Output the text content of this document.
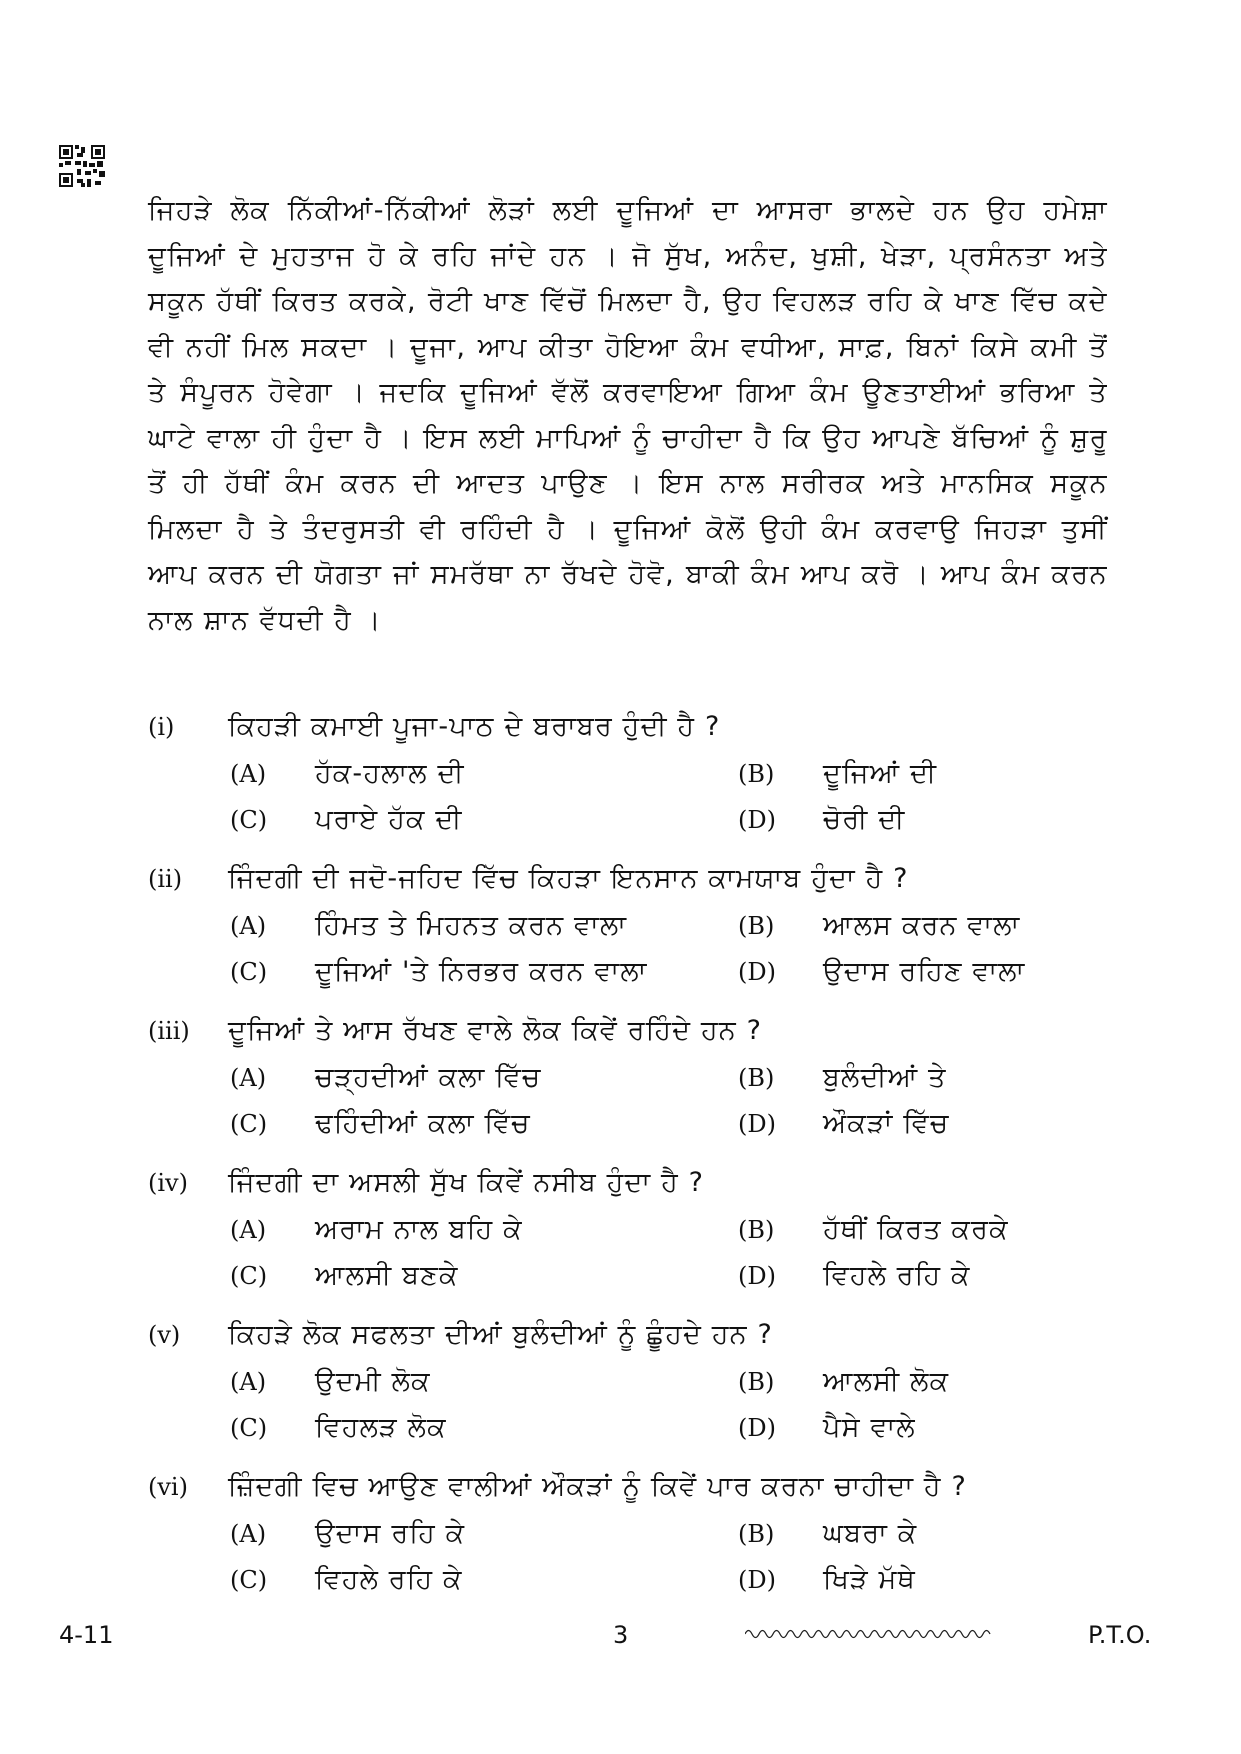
ਜਿਹੜੇ ਲੋਕ ਨਿੱਕੀਆਂ-ਨਿੱਕੀਆਂ ਲੋੜਾਂ ਲਈ ਦੂਜਿਆਂ ਦਾ ਆਸਰਾ ਭਾਲਦੇ ਹਨ ਉਹ ਹਮੇਸ਼ਾ ਦੂਜਿਆਂ ਦੇ ਮੁਹਤਾਜ ਹੋ ਕੇ ਰਹਿ ਜਾਂਦੇ ਹਨ । ਜੋ ਸੁੱਖ, ਅਨੰਦ, ਖੁਸ਼ੀ, ਖੇੜਾ, ਪ੍ਰਸੰਨਤਾ ਅਤੇ ਸਕੂਨ ਹੱਥੀਂ ਕਿਰਤ ਕਰਕੇ, ਰੋਟੀ ਖਾਣ ਵਿੱਚੋਂ ਮਿਲਦਾ ਹੈ, ਉਹ ਵਿਹਲੜ ਰਹਿ ਕੇ ਖਾਣ ਵਿੱਚ ਕਦੇ ਵੀ ਨਹੀਂ ਮਿਲ ਸਕਦਾ । ਦੂਜਾ, ਆਪ ਕੀਤਾ ਹੋਇਆ ਕੰਮ ਵਧੀਆ, ਸਾਫ਼, ਬਿਨਾਂ ਕਿਸੇ ਕਮੀ ਤੋਂ ਤੇ ਸੰਪੂਰਨ ਹੋਵੇਗਾ । ਜਦਕਿ ਦੂਜਿਆਂ ਵੱਲੋਂ ਕਰਵਾਇਆ ਗਿਆ ਕੰਮ ਊਣਤਾਈਆਂ ਭਰਿਆ ਤੇ ਘਾਟੇ ਵਾਲਾ ਹੀ ਹੁੰਦਾ ਹੈ । ਇਸ ਲਈ ਮਾਪਿਆਂ ਨੂੰ ਚਾਹੀਦਾ ਹੈ ਕਿ ਉਹ ਆਪਣੇ ਬੱਚਿਆਂ ਨੂੰ ਸ਼ੁਰੂ ਤੋਂ ਹੀ ਹੱਥੀਂ ਕੰਮ ਕਰਨ ਦੀ ਆਦਤ ਪਾਉਣ । ਇਸ ਨਾਲ ਸਰੀਰਕ ਅਤੇ ਮਾਨਸਿਕ ਸਕੂਨ ਮਿਲਦਾ ਹੈ ਤੇ ਤੰਦਰੁਸਤੀ ਵੀ ਰਹਿੰਦੀ ਹੈ । ਦੂਜਿਆਂ ਕੋਲੋਂ ਉਹੀ ਕੰਮ ਕਰਵਾਉ ਜਿਹੜਾ ਤੁਸੀਂ ਆਪ ਕਰਨ ਦੀ ਯੋਗਤਾ ਜਾਂ ਸਮਰੱਥਾ ਨਾ ਰੱਖਦੇ ਹੋਵੋ, ਬਾਕੀ ਕੰਮ ਆਪ ਕਰੋ । ਆਪ ਕੰਮ ਕਰਨ ਨਾਲ ਸ਼ਾਨ ਵੱਧਦੀ ਹੈ ।
(i) ਕਿਹੜੀ ਕਮਾਈ ਪੂਜਾ-ਪਾਠ ਦੇ ਬਰਾਬਰ ਹੁੰਦੀ ਹੈ ?
(A) ਹੱਕ-ਹਲਾਲ ਦੀ	(B) ਦੂਜਿਆਂ ਦੀ
(C) ਪਰਾਏ ਹੱਕ ਦੀ	(D) ਚੋਰੀ ਦੀ
(ii) ਜਿੰਦਗੀ ਦੀ ਜਦੋ-ਜਹਿਦ ਵਿੱਚ ਕਿਹੜਾ ਇਨਸਾਨ ਕਾਮਯਾਬ ਹੁੰਦਾ ਹੈ ?
(A) ਹਿੰਮਤ ਤੇ ਮਿਹਨਤ ਕਰਨ ਵਾਲਾ	(B) ਆਲਸ ਕਰਨ ਵਾਲਾ
(C) ਦੂਜਿਆਂ 'ਤੇ ਨਿਰਭਰ ਕਰਨ ਵਾਲਾ	(D) ਉਦਾਸ ਰਹਿਣ ਵਾਲਾ
(iii) ਦੂਜਿਆਂ ਤੇ ਆਸ ਰੱਖਣ ਵਾਲੇ ਲੋਕ ਕਿਵੇਂ ਰਹਿੰਦੇ ਹਨ ?
(A) ਚੜ੍ਹਦੀਆਂ ਕਲਾ ਵਿੱਚ	(B) ਬੁਲੰਦੀਆਂ ਤੇ
(C) ਢਹਿੰਦੀਆਂ ਕਲਾ ਵਿੱਚ	(D) ਔਕੜਾਂ ਵਿੱਚ
(iv) ਜਿੰਦਗੀ ਦਾ ਅਸਲੀ ਸੁੱਖ ਕਿਵੇਂ ਨਸੀਬ ਹੁੰਦਾ ਹੈ ?
(A) ਅਰਾਮ ਨਾਲ ਬਹਿ ਕੇ	(B) ਹੱਥੀਂ ਕਿਰਤ ਕਰਕੇ
(C) ਆਲਸੀ ਬਣਕੇ	(D) ਵਿਹਲੇ ਰਹਿ ਕੇ
(v) ਕਿਹੜੇ ਲੋਕ ਸਫਲਤਾ ਦੀਆਂ ਬੁਲੰਦੀਆਂ ਨੂੰ ਛੂੰਹਦੇ ਹਨ ?
(A) ਉਦਮੀ ਲੋਕ	(B) ਆਲਸੀ ਲੋਕ
(C) ਵਿਹਲੜ ਲੋਕ	(D) ਪੈਸੇ ਵਾਲੇ
(vi) ਜ਼ਿੰਦਗੀ ਵਿਚ ਆਉਣ ਵਾਲੀਆਂ ਔਕੜਾਂ ਨੂੰ ਕਿਵੇਂ ਪਾਰ ਕਰਨਾ ਚਾਹੀਦਾ ਹੈ ?
(A) ਉਦਾਸ ਰਹਿ ਕੇ	(B) ਘਬਰਾ ਕੇ
(C) ਵਿਹਲੇ ਰਹਿ ਕੇ	(D) ਖਿੜੇ ਮੱਥੇ
4-11	3	P.T.O.
